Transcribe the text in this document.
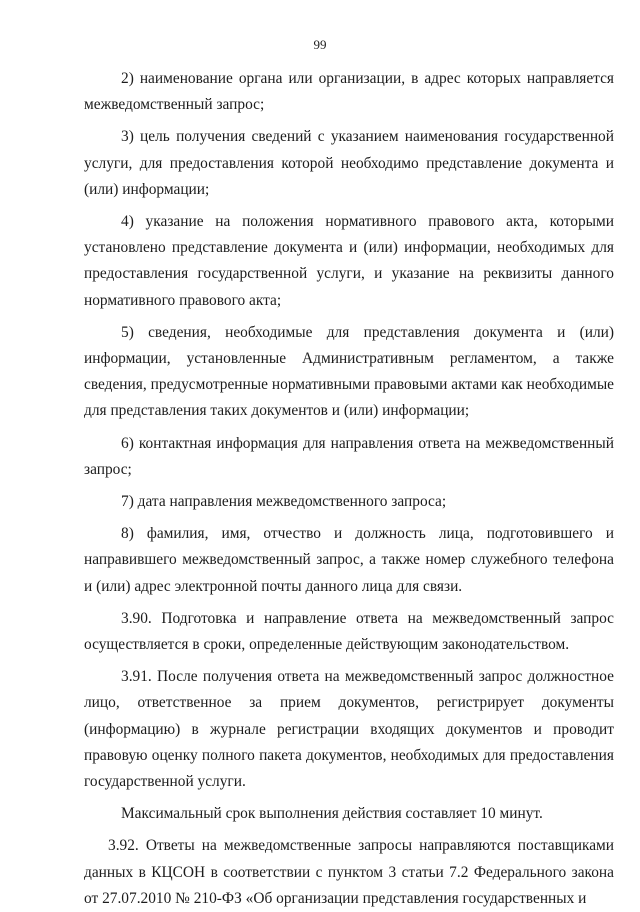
99

2) наименование органа или организации, в адрес которых направляется межведомственный запрос;

3) цель получения сведений с указанием наименования государственной услуги, для предоставления которой необходимо представление документа и (или) информации;

4) указание на положения нормативного правового акта, которыми установлено представление документа и (или) информации, необходимых для предоставления государственной услуги, и указание на реквизиты данного нормативного правового акта;

5) сведения, необходимые для представления документа и (или) информации, установленные Административным регламентом, а также сведения, предусмотренные нормативными правовыми актами как необходимые для представления таких документов и (или) информации;

6) контактная информация для направления ответа на межведомственный запрос;

7) дата направления межведомственного запроса;

8) фамилия, имя, отчество и должность лица, подготовившего и направившего межведомственный запрос, а также номер служебного телефона и (или) адрес электронной почты данного лица для связи.

3.90. Подготовка и направление ответа на межведомственный запрос осуществляется в сроки, определенные действующим законодательством.

3.91. После получения ответа на межведомственный запрос должностное лицо, ответственное за прием документов, регистрирует документы (информацию) в журнале регистрации входящих документов и проводит правовую оценку полного пакета документов, необходимых для предоставления государственной услуги.

Максимальный срок выполнения действия составляет 10 минут.

3.92. Ответы на межведомственные запросы направляются поставщиками данных в КЦСОН в соответствии с пунктом 3 статьи 7.2 Федерального закона от 27.07.2010 № 210-ФЗ «Об организации представления государственных и
